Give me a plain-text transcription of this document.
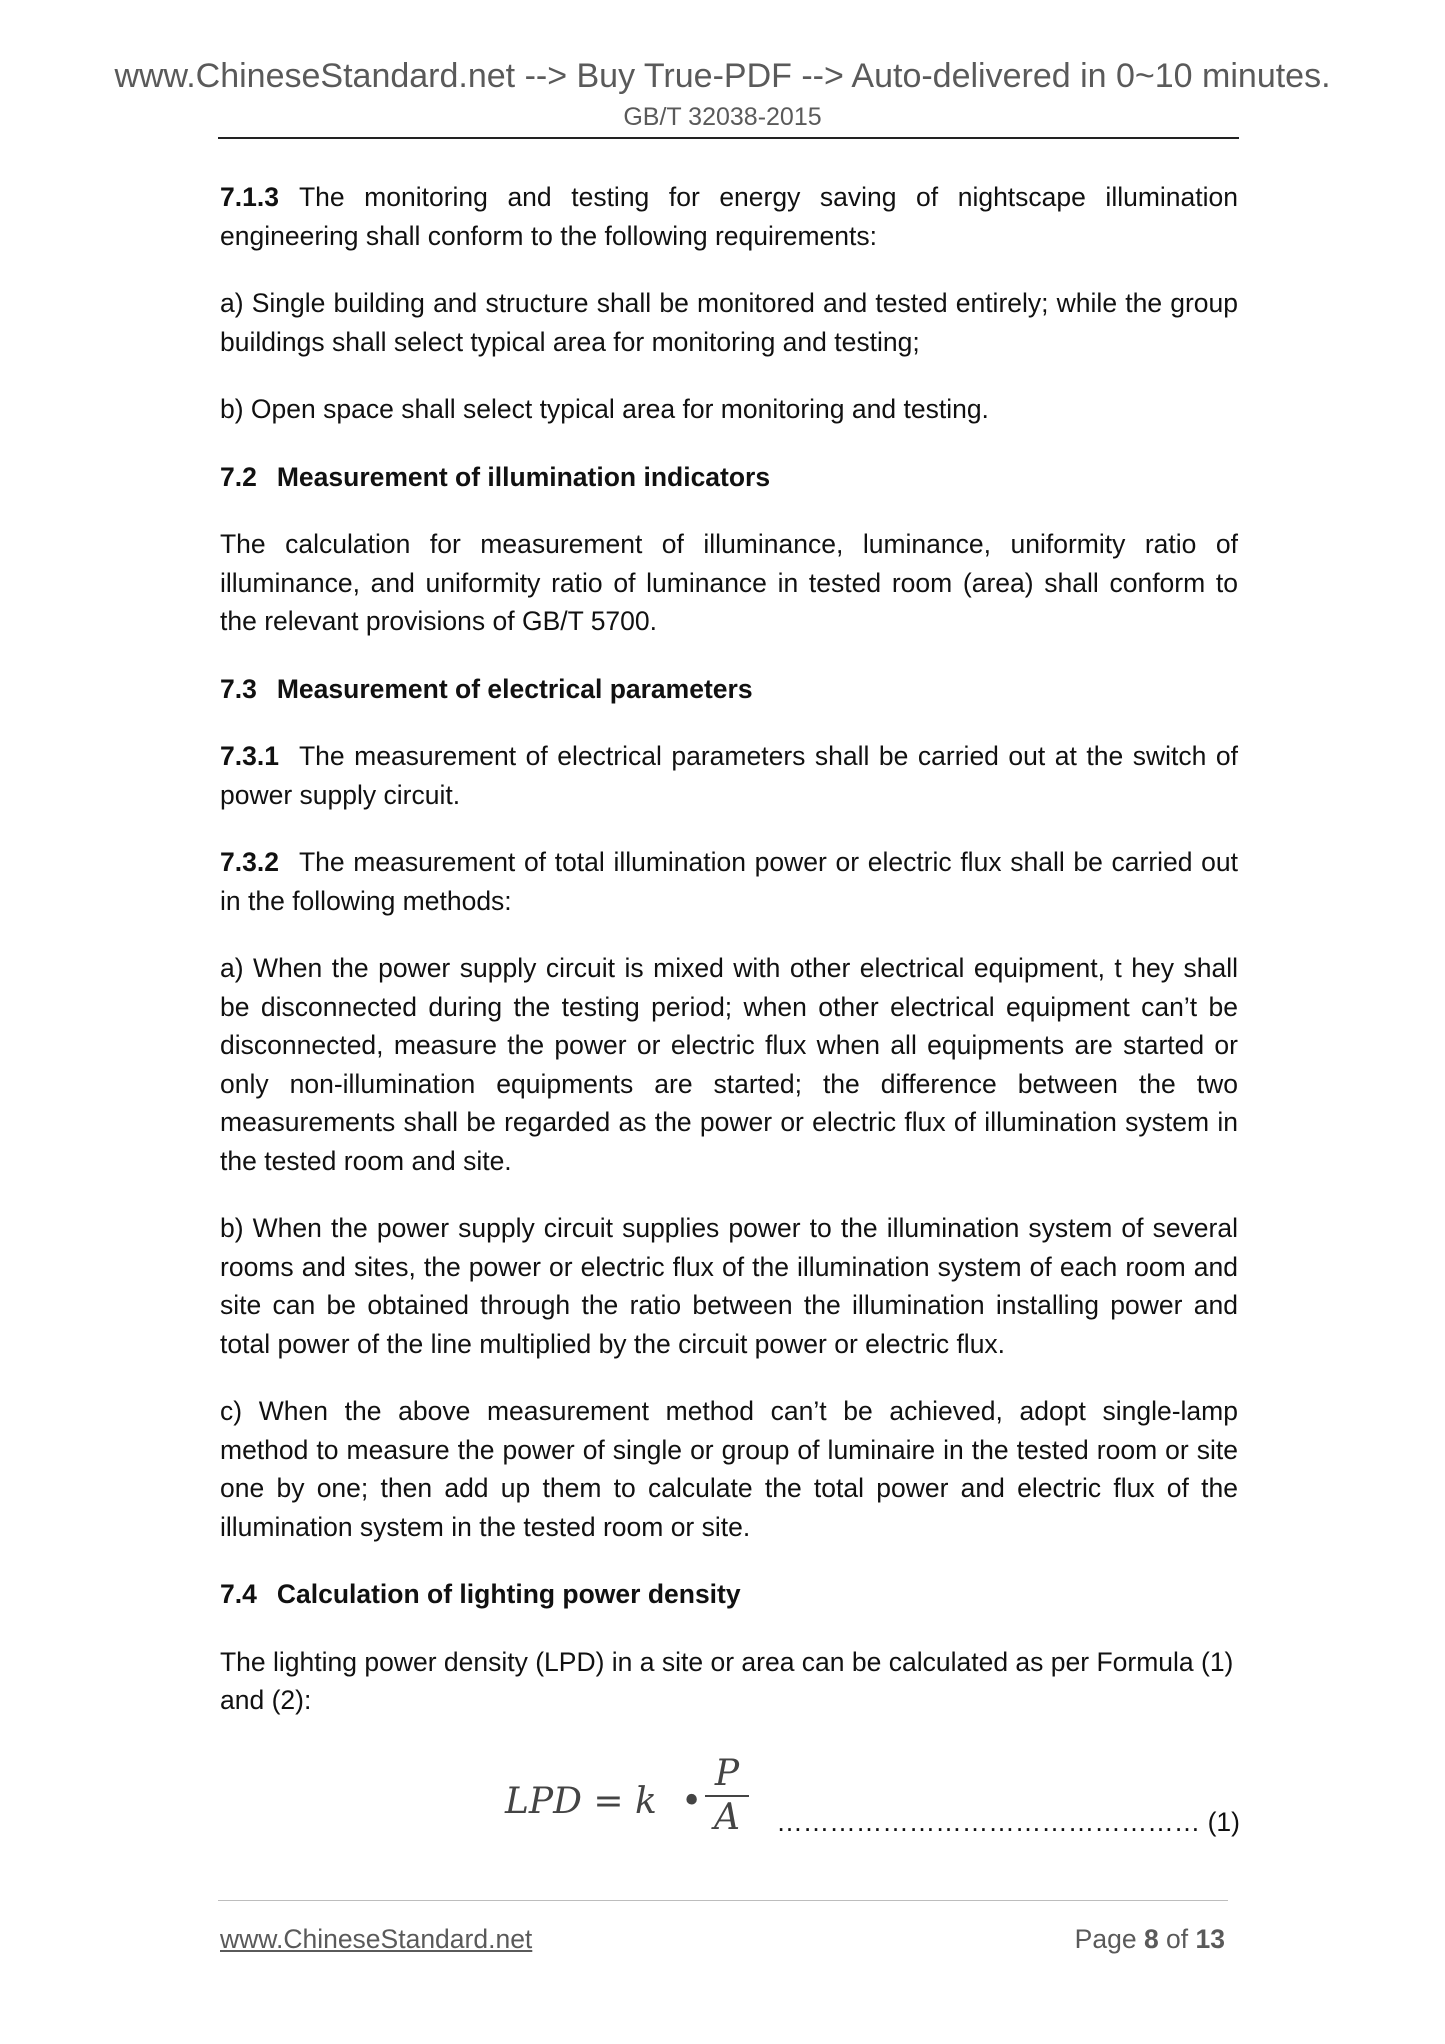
www.ChineseStandard.net --> Buy True-PDF --> Auto-delivered in 0~10 minutes.
GB/T 32038-2015

7.1.3 The monitoring and testing for energy saving of nightscape illumination engineering shall conform to the following requirements:

a) Single building and structure shall be monitored and tested entirely; while the group buildings shall select typical area for monitoring and testing;

b) Open space shall select typical area for monitoring and testing.

7.2 Measurement of illumination indicators

The calculation for measurement of illuminance, luminance, uniformity ratio of illuminance, and uniformity ratio of luminance in tested room (area) shall conform to the relevant provisions of GB/T 5700.

7.3 Measurement of electrical parameters

7.3.1 The measurement of electrical parameters shall be carried out at the switch of power supply circuit.

7.3.2 The measurement of total illumination power or electric flux shall be carried out in the following methods:

a) When the power supply circuit is mixed with other electrical equipment, t hey shall be disconnected during the testing period; when other electrical equipment can’t be disconnected, measure the power or electric flux when all equipments are started or only non-illumination equipments are started; the difference between the two measurements shall be regarded as the power or electric flux of illumination system in the tested room and site.

b) When the power supply circuit supplies power to the illumination system of several rooms and sites, the power or electric flux of the illumination system of each room and site can be obtained through the ratio between the illumination installing power and total power of the line multiplied by the circuit power or electric flux.

c) When the above measurement method can’t be achieved, adopt single-lamp method to measure the power of single or group of luminaire in the tested room or site one by one; then add up them to calculate the total power and electric flux of the illumination system in the tested room or site.

7.4 Calculation of lighting power density

The lighting power density (LPD) in a site or area can be calculated as per Formula (1) and (2):

LPD = k •
P
A	………………………………………… (1)
www.ChineseStandard.net	Page 8 of 13
